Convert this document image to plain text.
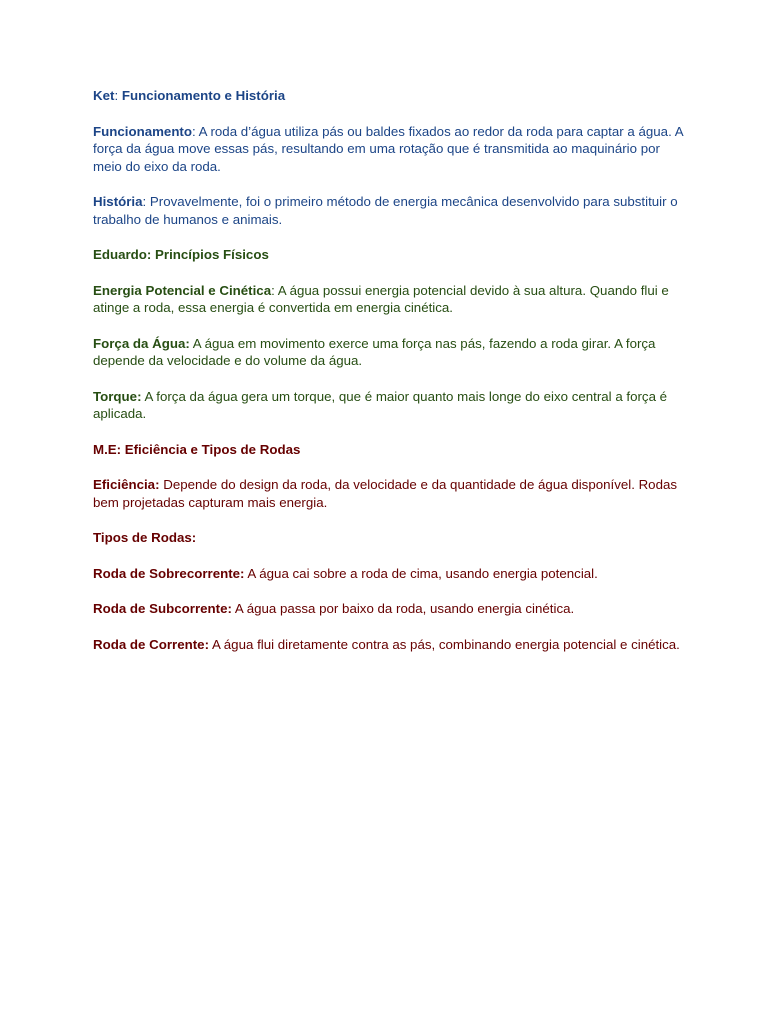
Ket: Funcionamento e História

Funcionamento: A roda d’água utiliza pás ou baldes fixados ao redor da roda para captar a água. A força da água move essas pás, resultando em uma rotação que é transmitida ao maquinário por meio do eixo da roda.

História: Provavelmente, foi o primeiro método de energia mecânica desenvolvido para substituir o trabalho de humanos e animais.

Eduardo: Princípios Físicos

Energia Potencial e Cinética: A água possui energia potencial devido à sua altura. Quando flui e atinge a roda, essa energia é convertida em energia cinética.

Força da Água: A água em movimento exerce uma força nas pás, fazendo a roda girar. A força depende da velocidade e do volume da água.

Torque: A força da água gera um torque, que é maior quanto mais longe do eixo central a força é aplicada.

M.E: Eficiência e Tipos de Rodas

Eficiência: Depende do design da roda, da velocidade e da quantidade de água disponível. Rodas bem projetadas capturam mais energia.

Tipos de Rodas:

Roda de Sobrecorrente: A água cai sobre a roda de cima, usando energia potencial.

Roda de Subcorrente: A água passa por baixo da roda, usando energia cinética.

Roda de Corrente: A água flui diretamente contra as pás, combinando energia potencial e cinética.
